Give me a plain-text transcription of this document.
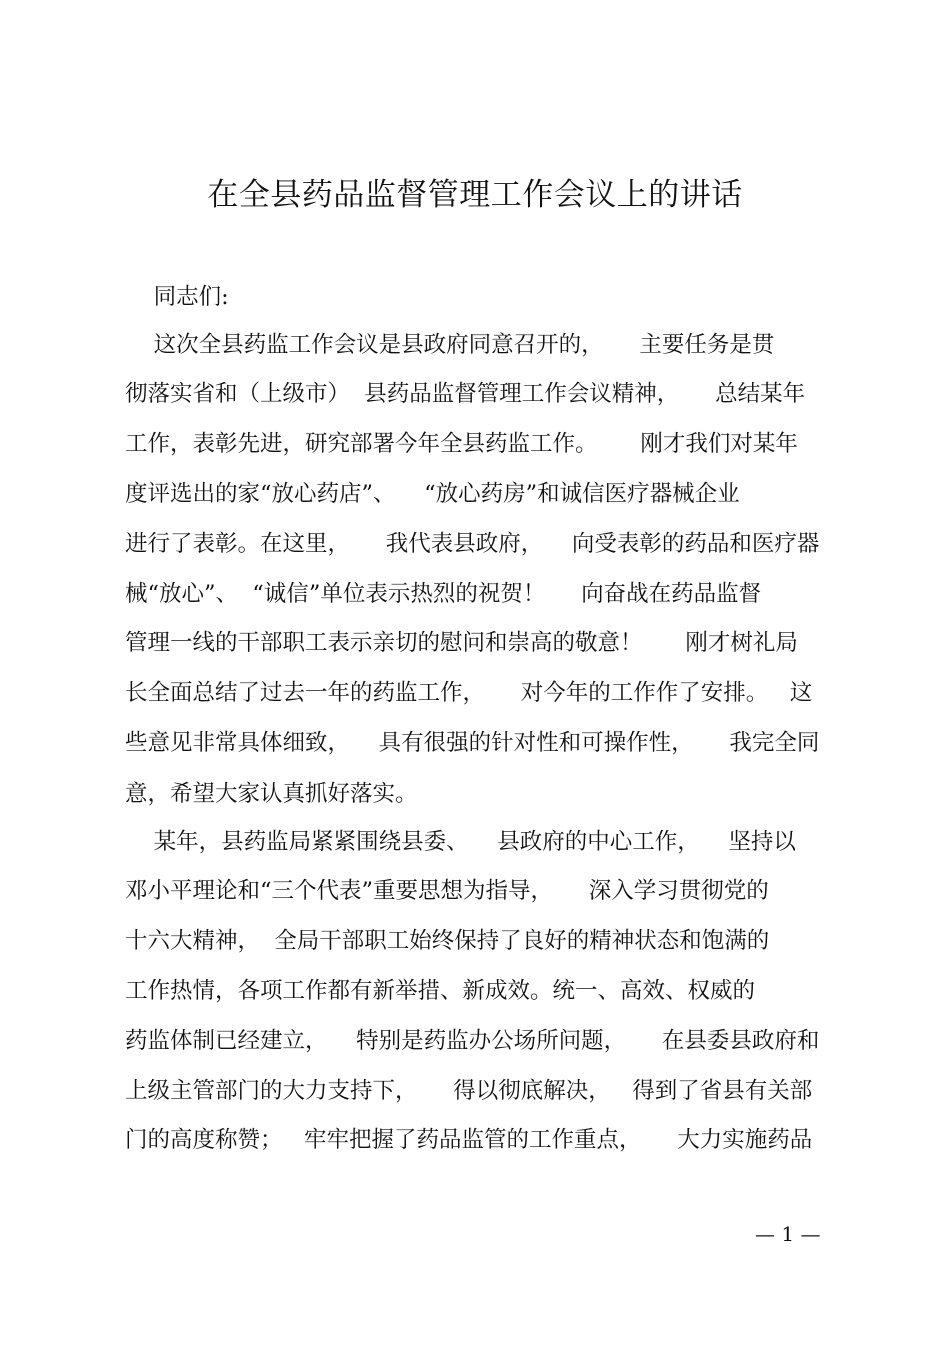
在全县药品监督管理工作会议上的讲话
同志们:
这次全县药监工作会议是县政府同意召开的，     主要任务是贯
彻落实省和（上级市）  县药品监督管理工作会议精神，     总结某年
工作，表彰先进，研究部署今年全县药监工作。      刚才我们对某年
度评选出的家“放心药店”、    “放心药房”和诚信医疗器械企业
进行了表彰。在这里，     我代表县政府，    向受表彰的药品和医疗器
械“放心”、  “诚信”单位表示热烈的祝贺！     向奋战在药品监督
管理一线的干部职工表示亲切的慰问和崇高的敬意！      刚才树礼局
长全面总结了过去一年的药监工作，     对今年的工作作了安排。   这
些意见非常具体细致，    具有很强的针对性和可操作性，     我完全同
意，希望大家认真抓好落实。
某年，县药监局紧紧围绕县委、    县政府的中心工作，    坚持以
邓小平理论和“三个代表”重要思想为指导，     深入学习贯彻党的
十六大精神，  全局干部职工始终保持了良好的精神状态和饱满的
工作热情，各项工作都有新举措、新成效。统一、高效、权威的
药监体制已经建立，    特别是药监办公场所问题，     在县委县政府和
上级主管部门的大力支持下，     得以彻底解决，   得到了省县有关部
门的高度称赞；   牢牢把握了药品监管的工作重点，     大力实施药品
— 1 —
